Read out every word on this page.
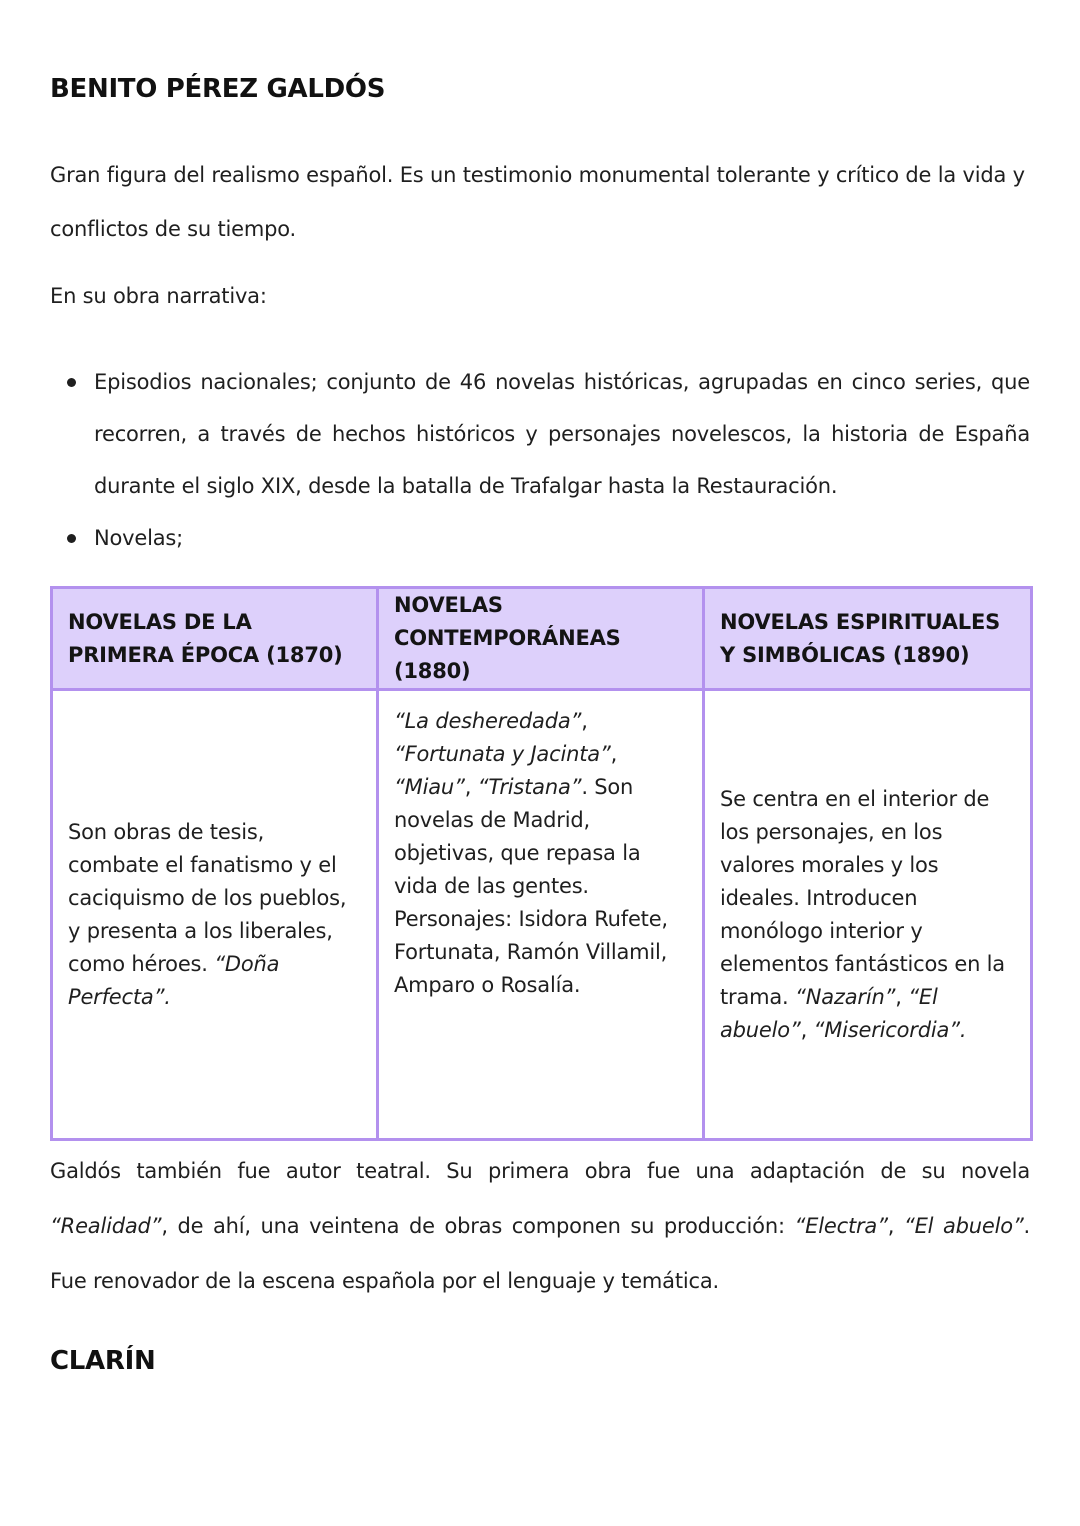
BENITO PÉREZ GALDÓS

Gran figura del realismo español. Es un testimonio monumental tolerante y crítico de la vida y conflictos de su tiempo.

En su obra narrativa:

Episodios nacionales; conjunto de 46 novelas históricas, agrupadas en cinco series, que recorren, a través de hechos históricos y personajes novelescos, la historia de España durante el siglo XIX, desde la batalla de Trafalgar hasta la Restauración.
Novelas;
NOVELAS DE LA PRIMERA ÉPOCA (1870)	NOVELAS CONTEMPORÁNEAS (1880)	NOVELAS ESPIRITUALES Y SIMBÓLICAS (1890)
Son obras de tesis, combate el fanatismo y el caciquismo de los pueblos, y presenta a los liberales, como héroes. “Doña Perfecta”.	“La desheredada”, “Fortunata y Jacinta”, “Miau”, “Tristana”. Son novelas de Madrid, objetivas, que repasa la vida de las gentes. Personajes: Isidora Rufete, Fortunata, Ramón Villamil, Amparo o Rosalía.	Se centra en el interior de los personajes, en los valores morales y los ideales. Introducen monólogo interior y elementos fantásticos en la trama. “Nazarín”, “El abuelo”, “Misericordia”.

Galdós también fue autor teatral. Su primera obra fue una adaptación de su novela “Realidad”, de ahí, una veintena de obras componen su producción: “Electra”, “El abuelo”. Fue renovador de la escena española por el lenguaje y temática.

CLARÍN
